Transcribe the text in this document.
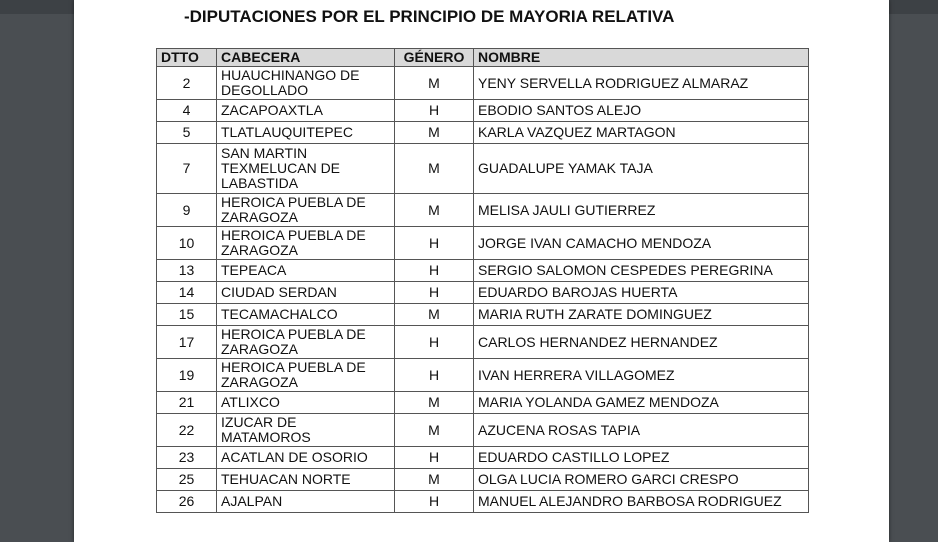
-DIPUTACIONES POR EL PRINCIPIO DE MAYORIA RELATIVA
DTTO	CABECERA	GÉNERO	NOMBRE
2	HUAUCHINANGO DE DEGOLLADO	M	YENY SERVELLA RODRIGUEZ ALMARAZ
4	ZACAPOAXTLA	H	EBODIO SANTOS ALEJO
5	TLATLAUQUITEPEC	M	KARLA VAZQUEZ MARTAGON
7	SAN MARTIN TEXMELUCAN DE LABASTIDA	M	GUADALUPE YAMAK TAJA
9	HEROICA PUEBLA DE ZARAGOZA	M	MELISA JAULI GUTIERREZ
10	HEROICA PUEBLA DE ZARAGOZA	H	JORGE IVAN CAMACHO MENDOZA
13	TEPEACA	H	SERGIO SALOMON CESPEDES PEREGRINA
14	CIUDAD SERDAN	H	EDUARDO BAROJAS HUERTA
15	TECAMACHALCO	M	MARIA RUTH ZARATE DOMINGUEZ
17	HEROICA PUEBLA DE ZARAGOZA	H	CARLOS HERNANDEZ HERNANDEZ
19	HEROICA PUEBLA DE ZARAGOZA	H	IVAN HERRERA VILLAGOMEZ
21	ATLIXCO	M	MARIA YOLANDA GAMEZ MENDOZA
22	IZUCAR DE MATAMOROS	M	AZUCENA ROSAS TAPIA
23	ACATLAN DE OSORIO	H	EDUARDO CASTILLO LOPEZ
25	TEHUACAN NORTE	M	OLGA LUCIA ROMERO GARCI CRESPO
26	AJALPAN	H	MANUEL ALEJANDRO BARBOSA RODRIGUEZ
